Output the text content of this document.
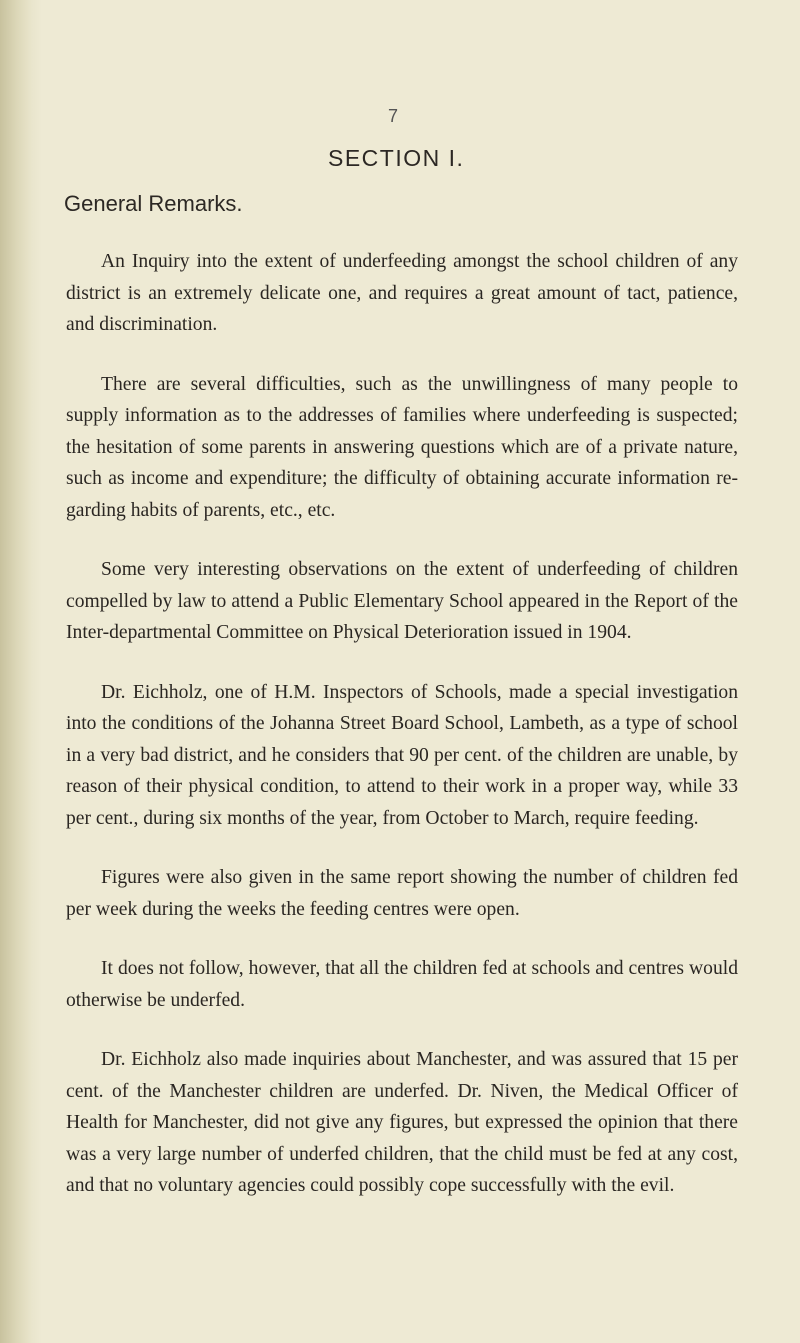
7
SECTION I.
General Remarks.

An Inquiry into the extent of underfeeding amongst the school children of any district is an extremely delicate one, and requires a great amount of tact, patience, and discrimination.

There are several difficulties, such as the unwillingness of many people to supply information as to the addresses of families where underfeeding is suspected; the hesitation of some parents in answering questions which are of a private nature, such as income and expenditure; the difficulty of obtaining accurate information re-garding habits of parents, etc., etc.

Some very interesting observations on the extent of underfeeding of children compelled by law to attend a Public Elementary School appeared in the Report of the Inter-departmental Committee on Physical Deterioration issued in 1904.

Dr. Eichholz, one of H.M. Inspectors of Schools, made a special investigation into the conditions of the Johanna Street Board School, Lambeth, as a type of school in a very bad district, and he considers that 90 per cent. of the children are unable, by reason of their physical condition, to attend to their work in a proper way, while 33 per cent., during six months of the year, from October to March, require feeding.

Figures were also given in the same report showing the number of children fed per week during the weeks the feeding centres were open.

It does not follow, however, that all the children fed at schools and centres would otherwise be underfed.

Dr. Eichholz also made inquiries about Manchester, and was assured that 15 per cent. of the Manchester children are underfed. Dr. Niven, the Medical Officer of Health for Manchester, did not give any figures, but expressed the opinion that there was a very large number of underfed children, that the child must be fed at any cost, and that no voluntary agencies could possibly cope successfully with the evil.
